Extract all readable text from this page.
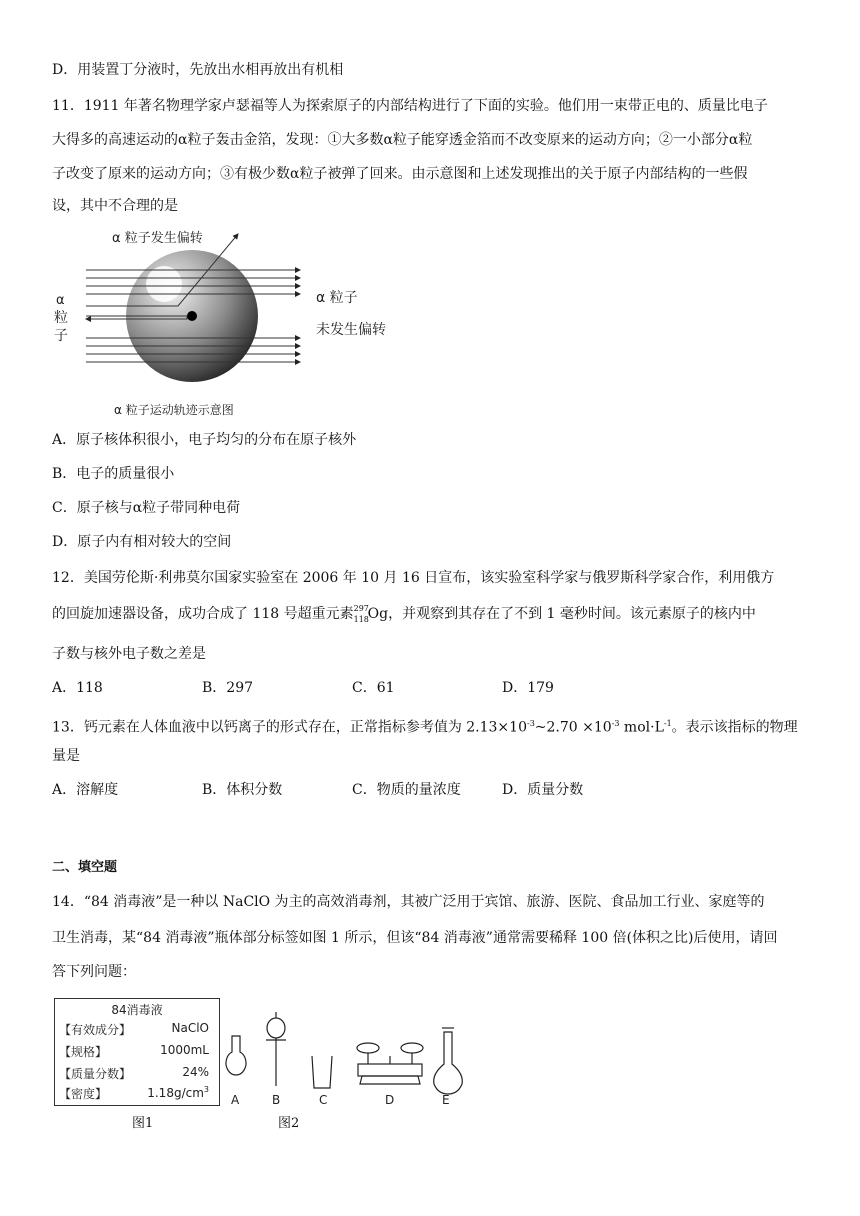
D．用装置丁分液时，先放出水相再放出有机相
11．1911 年著名物理学家卢瑟福等人为探索原子的内部结构进行了下面的实验。他们用一束带正电的、质量比电子
大得多的高速运动的α粒子轰击金箔，发现：①大多数α粒子能穿透金箔而不改变原来的运动方向；②一小部分α粒
子改变了原来的运动方向；③有极少数α粒子被弹了回来。由示意图和上述发现推出的关于原子内部结构的一些假
设，其中不合理的是
α 粒子发生偏转
α
粒
子
α 粒子
未发生偏转
α 粒子运动轨迹示意图
A．原子核体积很小，电子均匀的分布在原子核外
B．电子的质量很小
C．原子核与α粒子带同种电荷
D．原子内有相对较大的空间
12．美国劳伦斯·利弗莫尔国家实验室在 2006 年 10 月 16 日宣布，该实验室科学家与俄罗斯科学家合作，利用俄方
的回旋加速器设备，成功合成了 118 号超重元素 297
118
Og，并观察到其存在了不到 1 毫秒时间。该元素原子的核内中
子数与核外电子数之差是
A．118	B．297	C．61	D．179
13．钙元素在人体血液中以钙离子的形式存在，正常指标参考值为 $2.13\times 10^{-3}\sim 2.70 \times 10^{-3}$ $mol\cdot L^{-1}$。表示该指标的物理
量是
A．溶解度	B．体积分数	C．物质的量浓度	D．质量分数
二、填空题
14．“84 消毒液”是一种以 NaClO 为主的高效消毒剂，其被广泛用于宾馆、旅游、医院、食品加工行业、家庭等的
卫生消毒，某“84 消毒液”瓶体部分标签如图 1 所示，但该“84 消毒液”通常需要稀释 100 倍(体积之比)后使用，请回
答下列问题：
84消毒液
【有效成分】	NaClO
【规格】	1000mL
【质量分数】	24%
【密度】	$1.18g/cm^3$
图1
A	B	C	D	E
图2
